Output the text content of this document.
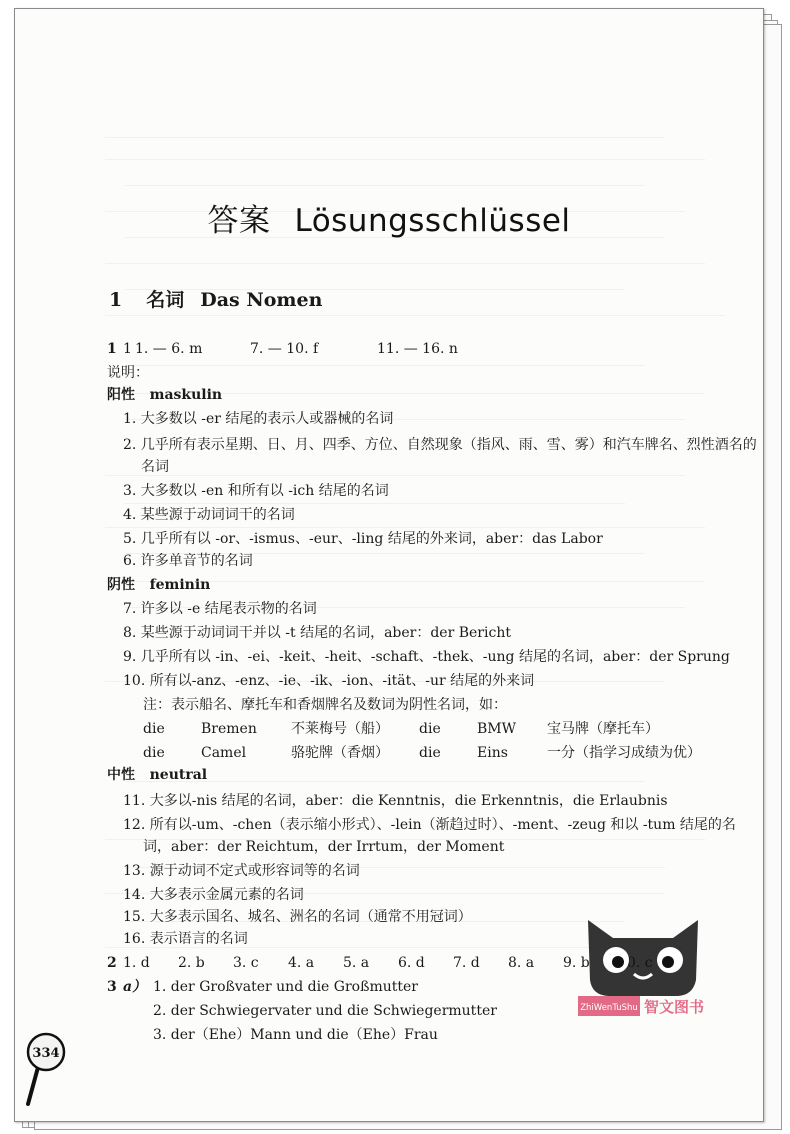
答案 Lösungsschlüssel
1 名词 Das Nomen
1 1 1. — 6. m	7. — 10. f	11. — 16. n
说明：
阳性 maskulin
1. 大多数以 -er 结尾的表示人或器械的名词
2. 几乎所有表示星期、日、月、四季、方位、自然现象（指风、雨、雪、雾）和汽车牌名、烈性酒名的
名词
3. 大多数以 -en 和所有以 -ich 结尾的名词
4. 某些源于动词词干的名词
5. 几乎所有以 -or、-ismus、-eur、-ling 结尾的外来词，aber：das Labor
6. 许多单音节的名词
阴性 feminin
7. 许多以 -e 结尾表示物的名词
8. 某些源于动词词干并以 -t 结尾的名词，aber：der Bericht
9. 几乎所有以 -in、-ei、-keit、-heit、-schaft、-thek、-ung 结尾的名词，aber：der Sprung
10. 所有以-anz、-enz、-ie、-ik、-ion、-ität、-ur 结尾的外来词
注：表示船名、摩托车和香烟牌名及数词为阴性名词，如：
die	Bremen 不莱梅号（船） die	BMW 宝马牌（摩托车）
die	Camel	骆驼牌（香烟） die	Eins	一分（指学习成绩为优）
中性 neutral
11. 大多以-nis 结尾的名词，aber：die Kenntnis，die Erkenntnis，die Erlaubnis
12. 所有以-um、-chen（表示缩小形式）、-lein（渐趋过时）、-ment、-zeug 和以 -tum 结尾的名
词，aber：der Reichtum，der Irrtum，der Moment
13. 源于动词不定式或形容词等的名词
14. 大多表示金属元素的名词
15. 大多表示国名、城名、洲名的名词（通常不用冠词）
16. 表示语言的名词
2 1. d 2. b 3. c 4. a 5. a 6. d 7. d 8. a 9. b
3 a） 1. der Großvater und die Großmutter
2. der Schwiegervater und die Schwiegermutter
3. der（Ehe）Mann und die（Ehe）Frau
334
ZhiWenTuShu 智文图书
